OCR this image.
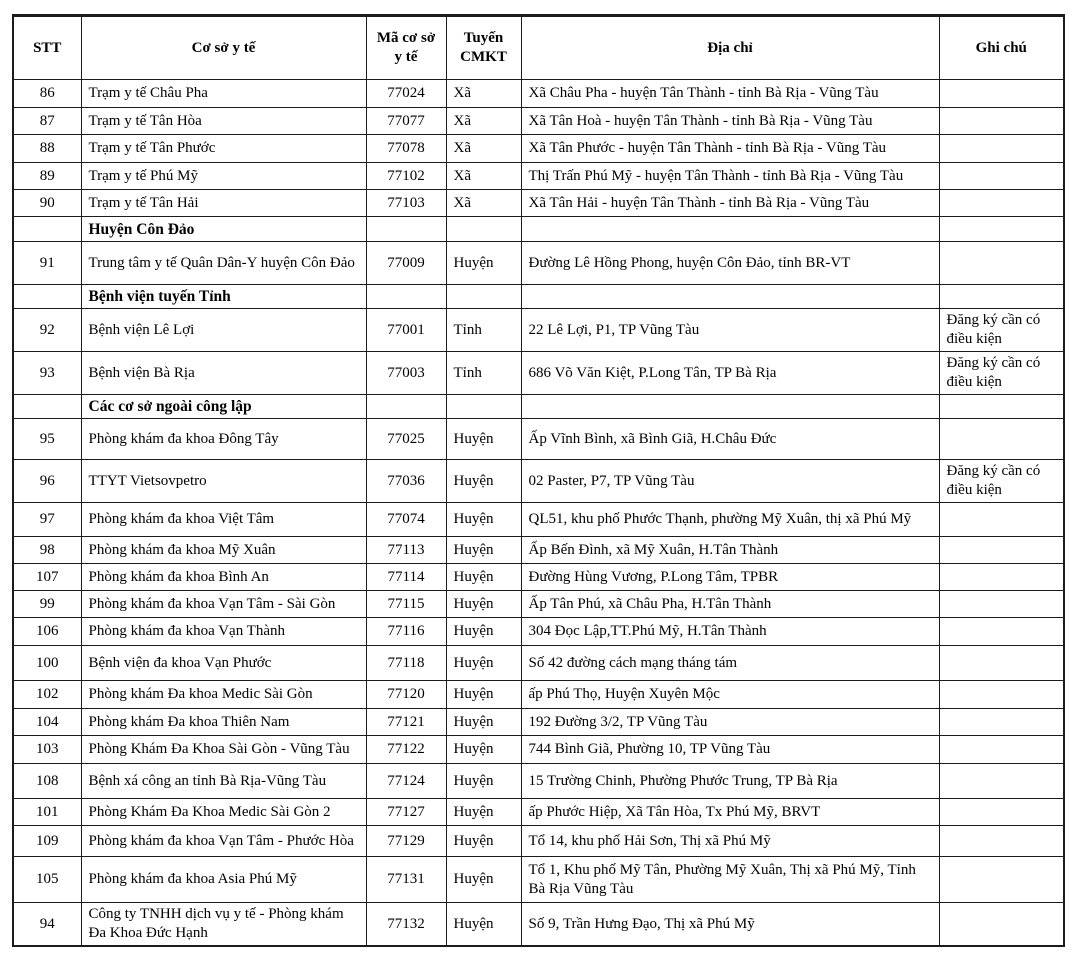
STT	Cơ sở y tế	Mã cơ sở y tế	Tuyến CMKT	Địa chỉ	Ghi chú
86	Trạm y tế Châu Pha	77024	Xã	Xã Châu Pha - huyện Tân Thành - tỉnh Bà Rịa - Vũng Tàu	
87	Trạm y tế Tân Hòa	77077	Xã	Xã Tân Hoà - huyện Tân Thành - tỉnh Bà Rịa - Vũng Tàu	
88	Trạm y tế Tân Phước	77078	Xã	Xã Tân Phước - huyện Tân Thành - tỉnh Bà Rịa - Vũng Tàu	
89	Trạm y tế Phú Mỹ	77102	Xã	Thị Trấn Phú Mỹ - huyện Tân Thành - tỉnh Bà Rịa - Vũng Tàu	
90	Trạm y tế Tân Hải	77103	Xã	Xã Tân Hải - huyện Tân Thành - tỉnh Bà Rịa - Vũng Tàu	
	Huyện Côn Đảo				
91	Trung tâm y tế Quân Dân-Y huyện Côn Đảo	77009	Huyện	Đường Lê Hồng Phong, huyện Côn Đảo, tỉnh BR-VT	
	Bệnh viện tuyến Tỉnh				
92	Bệnh viện Lê Lợi	77001	Tỉnh	22 Lê Lợi, P1, TP Vũng Tàu	Đăng ký cần có điều kiện
93	Bệnh viện Bà Rịa	77003	Tỉnh	686 Võ Văn Kiệt, P.Long Tân, TP Bà Rịa	Đăng ký cần có điều kiện
	Các cơ sở ngoài công lập				
95	Phòng khám đa khoa Đông Tây	77025	Huyện	Ấp Vĩnh Bình, xã Bình Giã, H.Châu Đức	
96	TTYT Vietsovpetro	77036	Huyện	02 Paster, P7, TP Vũng Tàu	Đăng ký cần có điều kiện
97	Phòng khám đa khoa Việt Tâm	77074	Huyện	QL51, khu phố Phước Thạnh, phường Mỹ Xuân, thị xã Phú Mỹ	
98	Phòng khám đa khoa Mỹ Xuân	77113	Huyện	Ấp Bến Đình, xã Mỹ Xuân, H.Tân Thành	
107	Phòng khám đa khoa Bình An	77114	Huyện	Đường Hùng Vương, P.Long Tâm, TPBR	
99	Phòng khám đa khoa Vạn Tâm - Sài Gòn	77115	Huyện	Ấp Tân Phú, xã Châu Pha, H.Tân Thành	
106	Phòng khám đa khoa Vạn Thành	77116	Huyện	304 Đọc Lập,TT.Phú Mỹ, H.Tân Thành	
100	Bệnh viện đa khoa Vạn Phước	77118	Huyện	Số 42 đường cách mạng tháng tám	
102	Phòng khám Đa khoa Medic Sài Gòn	77120	Huyện	ấp Phú Thọ, Huyện Xuyên Mộc	
104	Phòng khám Đa khoa Thiên Nam	77121	Huyện	192 Đường 3/2, TP Vũng Tàu	
103	Phòng Khám Đa Khoa Sài Gòn - Vũng Tàu	77122	Huyện	744 Bình Giã, Phường 10, TP Vũng Tàu	
108	Bệnh xá công an tỉnh Bà Rịa-Vũng Tàu	77124	Huyện	15 Trường Chinh, Phường Phước Trung, TP Bà Rịa	
101	Phòng Khám Đa Khoa Medic Sài Gòn 2	77127	Huyện	ấp Phước Hiệp, Xã Tân Hòa, Tx Phú Mỹ, BRVT	
109	Phòng khám đa khoa Vạn Tâm - Phước Hòa	77129	Huyện	Tổ 14, khu phố Hải Sơn, Thị xã Phú Mỹ	
105	Phòng khám đa khoa Asia Phú Mỹ	77131	Huyện	Tổ 1, Khu phố Mỹ Tân, Phường Mỹ Xuân, Thị xã Phú Mỹ, Tỉnh Bà Rịa Vũng Tàu	
94	Công ty TNHH dịch vụ y tế - Phòng khám Đa Khoa Đức Hạnh	77132	Huyện	Số 9, Trần Hưng Đạo, Thị xã Phú Mỹ	
